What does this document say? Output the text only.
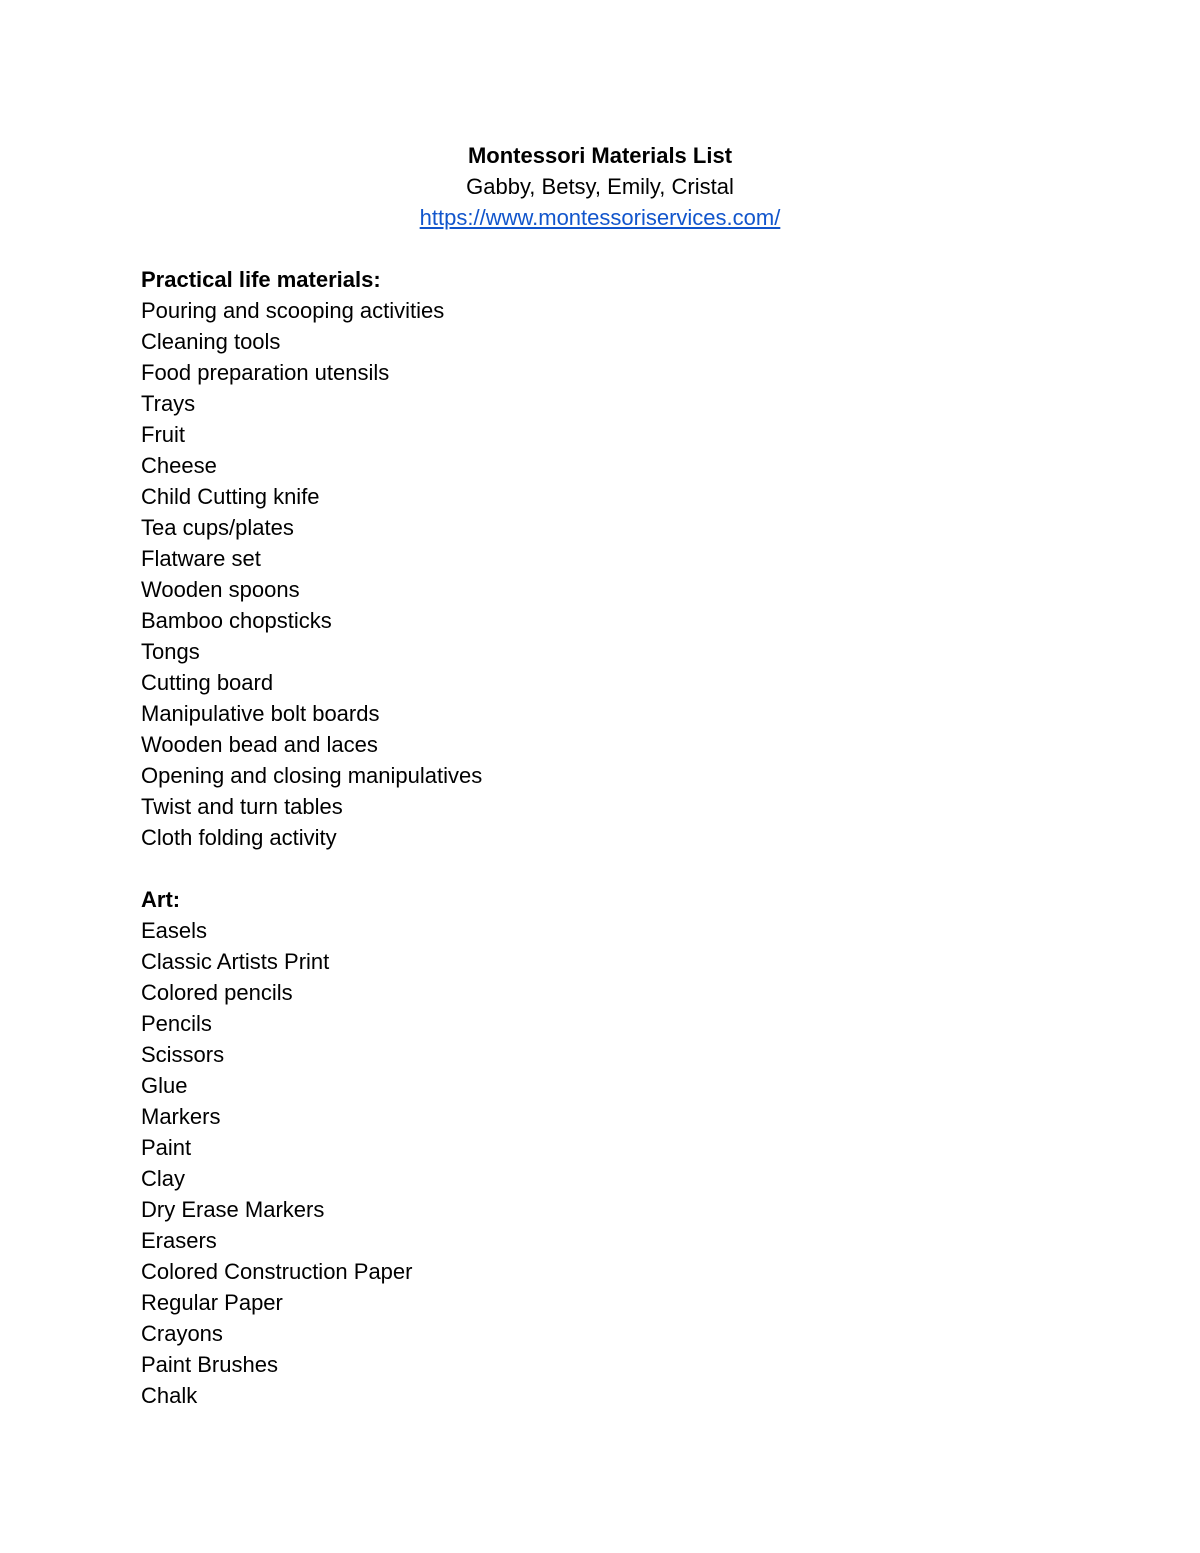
Montessori Materials List
Gabby, Betsy, Emily, Cristal
https://www.montessoriservices.com/
Practical life materials:
Pouring and scooping activities
Cleaning tools
Food preparation utensils
Trays
Fruit
Cheese
Child Cutting knife
Tea cups/plates
Flatware set
Wooden spoons
Bamboo chopsticks
Tongs
Cutting board
Manipulative bolt boards
Wooden bead and laces
Opening and closing manipulatives
Twist and turn tables
Cloth folding activity
Art:
Easels
Classic Artists Print
Colored pencils
Pencils
Scissors
Glue
Markers
Paint
Clay
Dry Erase Markers
Erasers
Colored Construction Paper
Regular Paper
Crayons
Paint Brushes
Chalk
